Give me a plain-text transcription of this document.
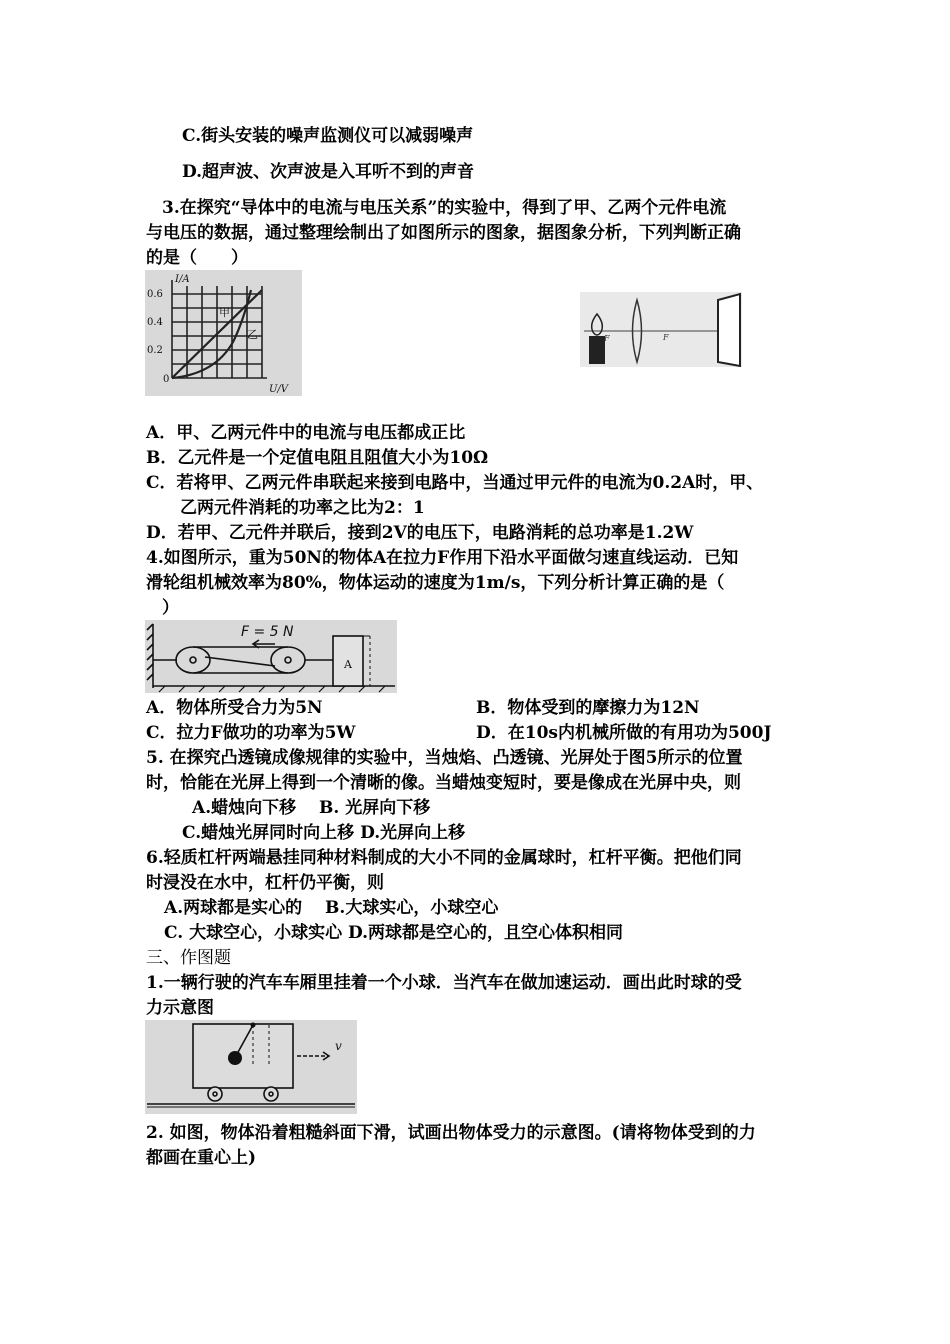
C.街头安装的噪声监测仪可以减弱噪声
D.超声波、次声波是入耳听不到的声音
3.在探究“导体中的电流与电压关系”的实验中，得到了甲、乙两个元件电流
与电压的数据，通过整理绘制出了如图所示的图象，据图象分析，下列判断正确
的是（　　）
I/A
0.6
0.4
0.2
0
U/V
甲
乙	F	F
A．甲、乙两元件中的电流与电压都成正比
B．乙元件是一个定值电阻且阻值大小为10Ω
C．若将甲、乙两元件串联起来接到电路中，当通过甲元件的电流为0.2A时，甲、
乙两元件消耗的功率之比为2：1
D．若甲、乙元件并联后，接到2V的电压下，电路消耗的总功率是1.2W
4.如图所示，重为50N的物体A在拉力F作用下沿水平面做匀速直线运动．已知
滑轮组机械效率为80%，物体运动的速度为1m/s，下列分析计算正确的是（
）
F = 5 N
A
A．物体所受合力为5N	B．物体受到的摩擦力为12N
C．拉力F做功的功率为5W	D．在10s内机械所做的有用功为500J
5. 在探究凸透镜成像规律的实验中，当烛焰、凸透镜、光屏处于图5所示的位置
时，恰能在光屏上得到一个清晰的像。当蜡烛变短时，要是像成在光屏中央，则
A.蜡烛向下移　 B. 光屏向下移
C.蜡烛光屏同时向上移 D.光屏向上移
6.轻质杠杆两端悬挂同种材料制成的大小不同的金属球时，杠杆平衡。把他们同
时浸没在水中，杠杆仍平衡，则
A.两球都是实心的　 B.大球实心，小球空心
C. 大球空心，小球实心 D.两球都是空心的，且空心体积相同
三、作图题
1.一辆行驶的汽车车厢里挂着一个小球．当汽车在做加速运动．画出此时球的受
力示意图
v
2. 如图，物体沿着粗糙斜面下滑，试画出物体受力的示意图。(请将物体受到的力
都画在重心上)
